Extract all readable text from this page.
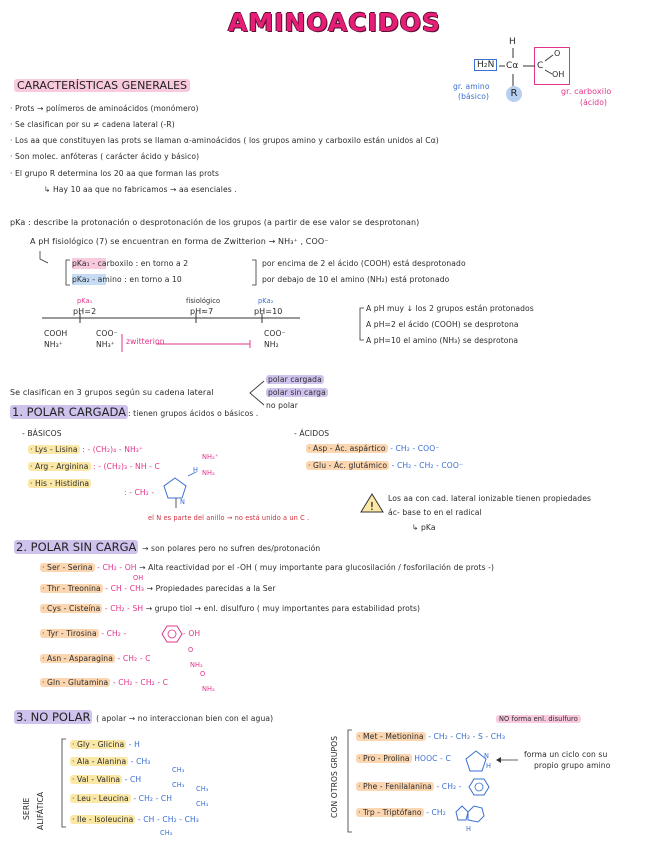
AMINOACIDOS
H
H₂N	Cα C
O
OH
R
gr. amino
(básico)
gr. carboxilo
(ácido)
CARACTERÍSTICAS GENERALES
· Prots → polímeros de aminoácidos (monómero)
· Se clasifican por su ≠ cadena lateral (-R)
· Los aa que constituyen las prots se llaman α-aminoácidos ( los grupos amino y carboxilo están unidos al Cα)
· Son molec. anfóteras ( carácter ácido y básico)
· El grupo R determina los 20 aa que forman las prots
↳ Hay 10 aa que no fabricamos → aa esenciales .
pKa : describe la protonación o desprotonación de los grupos (a partir de ese valor se desprotonan)
A pH fisiológico (7) se encuentran en forma de Zwitterion → NH₃⁺ , COO⁻
pKa₁ - carboxilo : en torno a 2
pKa₂ - amino : en torno a 10
por encima de 2 el ácido (COOH) está desprotonado
por debajo de 10 el amino (NH₂) está protonado
pKa₁
pH=2
fisiológico
pH≈7
pKa₂
pH=10
COOH
NH₃⁺
COO⁻
NH₃⁺ zwitterion
COO⁻
NH₂
A pH muy ↓ los 2 grupos están protonados
A pH=2 el ácido (COOH) se desprotona
A pH=10 el amino (NH₃) se desprotona
Se clasifican en 3 grupos según su cadena lateral
polar cargada
polar sin carga
no polar
1. POLAR CARGADA : tienen grupos ácidos o básicos .
- BÁSICOS	- ÁCIDOS
· Lys - Lisina : - (CH₂)₄ - NH₃⁺
· Arg - Arginina : - (CH₂)₃ - NH - C
NH₂⁺
NH₂
· His - Histidina
: - CH₂ -
H
N
el N es parte del anillo → no está unido a un C .
· Asp - Ác. aspártico - CH₂ - COO⁻
· Glu - Ác. glutámico - CH₂ - CH₂ - COO⁻
!
Los aa con cad. lateral ionizable tienen propiedades
ác- base to en el radical
↳ pKa
2. POLAR SIN CARGA → son polares pero no sufren des/protonación
· Ser - Serina - CH₂ - OH → Alta reactividad por el -OH ( muy importante para glucosilación / fosforilación de prots -)
OH
· Thr - Treonina - CH - CH₃ → Propiedades parecidas a la Ser
· Cys - Cisteína - CH₂ - SH → grupo tiol → enl. disulfuro ( muy importantes para estabilidad prots)
· Tyr - Tirosina - CH₂ -	- OH
· Asn - Asparagina - CH₂ - C
O
NH₂
· Gln - Glutamina - CH₂ - CH₂ - C
O
NH₂
3. NO POLAR ( apolar → no interaccionan bien con el agua)
SERIE ALIFÁTICA
· Gly - Glicina - H
· Ala - Alanina - CH₃
· Val - Valina - CH
CH₃
CH₃
· Leu - Leucina - CH₂ - CH
CH₃
CH₃
· Ile - Isoleucina - CH - CH₂ - CH₃
CH₃
CON OTROS GRUPOS
NO forma enl. disulfuro
· Met - Metionina - CH₂ - CH₂ - S - CH₃
· Pro - Prolina HOOC - C	N
H
forma un ciclo con su
propio grupo amino
· Phe - Fenilalanina - CH₂ -
· Trp - Triptófano - CH₂
H
